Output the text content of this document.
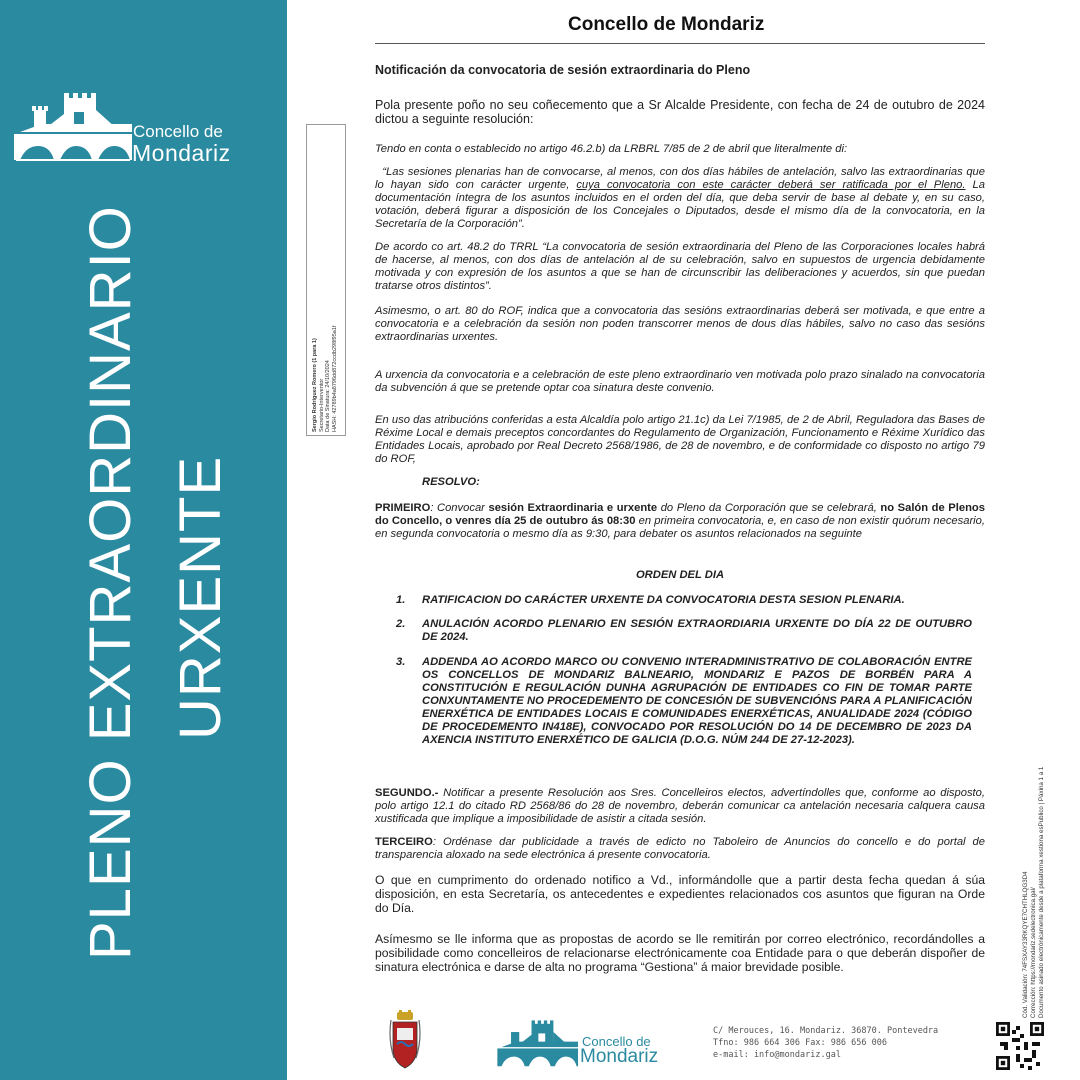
Concello de
Mondariz
PLENO EXTRAORDINARIO URXENTE
Concello de Mondariz
Notificación da convocatoria de sesión extraordinaria do Pleno
Pola presente poño no seu coñecemento que a Sr Alcalde Presidente, con fecha de 24 de outubro de 2024 dictou a seguinte resolución:
Tendo en conta o establecido no artigo 46.2.b) da LRBRL 7/85 de 2 de abril que literalmente di:
“Las sesiones plenarias han de convocarse, al menos, con dos días hábiles de antelación, salvo las extraordinarias que lo hayan sido con carácter urgente, cuya convocatoria con este carácter deberá ser ratificada por el Pleno. La documentación íntegra de los asuntos incluidos en el orden del día, que deba servir de base al debate y, en su caso, votación, deberá figurar a disposición de los Concejales o Diputados, desde el mismo día de la convocatoria, en la Secretaría de la Corporación”.
De acordo co art. 48.2 do TRRL “La convocatoria de sesión extraordinaria del Pleno de las Corporaciones locales habrá de hacerse, al menos, con dos días de antelación al de su celebración, salvo en supuestos de urgencia debidamente motivada y con expresión de los asuntos a que se han de circunscribir las deliberaciones y acuerdos, sin que puedan tratarse otros distintos”.
Asimesmo, o art. 80 do ROF, indica que a convocatoria das sesións extraordinarias deberá ser motivada, e que entre a convocatoria e a celebración da sesión non poden transcorrer menos de dous días hábiles, salvo no caso das sesións extraordinarias urxentes.
A urxencia da convocatoria e a celebración de este pleno extraordinario ven motivada polo prazo sinalado na convocatoria da subvención á que se pretende optar coa sinatura deste convenio.
En uso das atribucións conferidas a esta Alcaldía polo artigo 21.1c) da Lei 7/1985, de 2 de Abril, Reguladora das Bases de Réxime Local e demais preceptos concordantes do Regulamento de Organización, Funcionamento e Réxime Xurídico das Entidades Locais, aprobado por Real Decreto 2568/1986, de 28 de novembro, e de conformidade co disposto no artigo 79 do ROF,
RESOLVO:
PRIMEIRO: Convocar sesión Extraordinaria e urxente do Pleno da Corporación que se celebrará, no Salón de Plenos do Concello, o venres día 25 de outubro ás 08:30 en primeira convocatoria, e, en caso de non existir quórum necesario, en segunda convocatoria o mesmo día as 9:30, para debater os asuntos relacionados na seguinte
ORDEN DEL DIA
1. RATIFICACION DO CARÁCTER URXENTE DA CONVOCATORIA DESTA SESION PLENARIA.
2. ANULACIÓN ACORDO PLENARIO EN SESIÓN EXTRAORDIARIA URXENTE DO DÍA 22 DE OUTUBRO DE 2024.
3. ADDENDA AO ACORDO MARCO OU CONVENIO INTERADMINISTRATIVO DE COLABORACIÓN ENTRE OS CONCELLOS DE MONDARIZ BALNEARIO, MONDARIZ E PAZOS DE BORBÉN PARA A CONSTITUCIÓN E REGULACIÓN DUNHA AGRUPACIÓN DE ENTIDADES CO FIN DE TOMAR PARTE CONXUNTAMENTE NO PROCEDEMENTO DE CONCESIÓN DE SUBVENCIÓNS PARA A PLANIFICACIÓN ENERXÉTICA DE ENTIDADES LOCAIS E COMUNIDADES ENERXÉTICAS, ANUALIDADE 2024 (CÓDIGO DE PROCEDEMENTO IN418E), CONVOCADO POR RESOLUCIÓN DO 14 DE DECEMBRO DE 2023 DA AXENCIA INSTITUTO ENERXÉTICO DE GALICIA (D.O.G. NÚM 244 DE 27-12-2023).
SEGUNDO.- Notificar a presente Resolución aos Sres. Concelleiros electos, advertíndolles que, conforme ao disposto, polo artigo 12.1 do citado RD 2568/86 do 28 de novembro, deberán comunicar ca antelación necesaria calquera causa xustificada que implique a imposibilidade de asistir a citada sesión.
TERCEIRO: Ordénase dar publicidade a través de edicto no Taboleiro de Anuncios do concello e do portal de transparencia aloxado na sede electrónica á presente convocatoria.
O que en cumprimento do ordenado notifico a Vd., informándolle que a partir desta fecha quedan á súa disposición, en esta Secretaría, os antecedentes e expedientes relacionados cos asuntos que figuran na Orde do Día.
Asímesmo se lle informa que as propostas de acordo se lle remitirán por correo electrónico, recordándolles a posibilidade como concelleiros de relacionarse electrónicamente coa Entidade para o que deberán dispoñer de sinatura electrónica e darse de alta no programa “Gestiona” á maior brevidade posible.
Sergio Rodríguez Romero (1 para 1) Secretario-Interventor Data de Sinatura: 24/10/2024 HASH: 42789b4a8796dd872ccdb298f95a1f
Cód. Validación: 74FSXAY33RKQYE7CHTHLQG3D4 Corrección: https://mondariz.sedelectronica.gal/ Documento asinado electrónicamente desde a plataforma xestiona esPublico | Páxina 1 a 1
Concello de
Mondariz
C/ Merouces, 16. Mondariz. 36870. Pontevedra
Tfno: 986 664 306 Fax: 986 656 006
e-mail: info@mondariz.gal
